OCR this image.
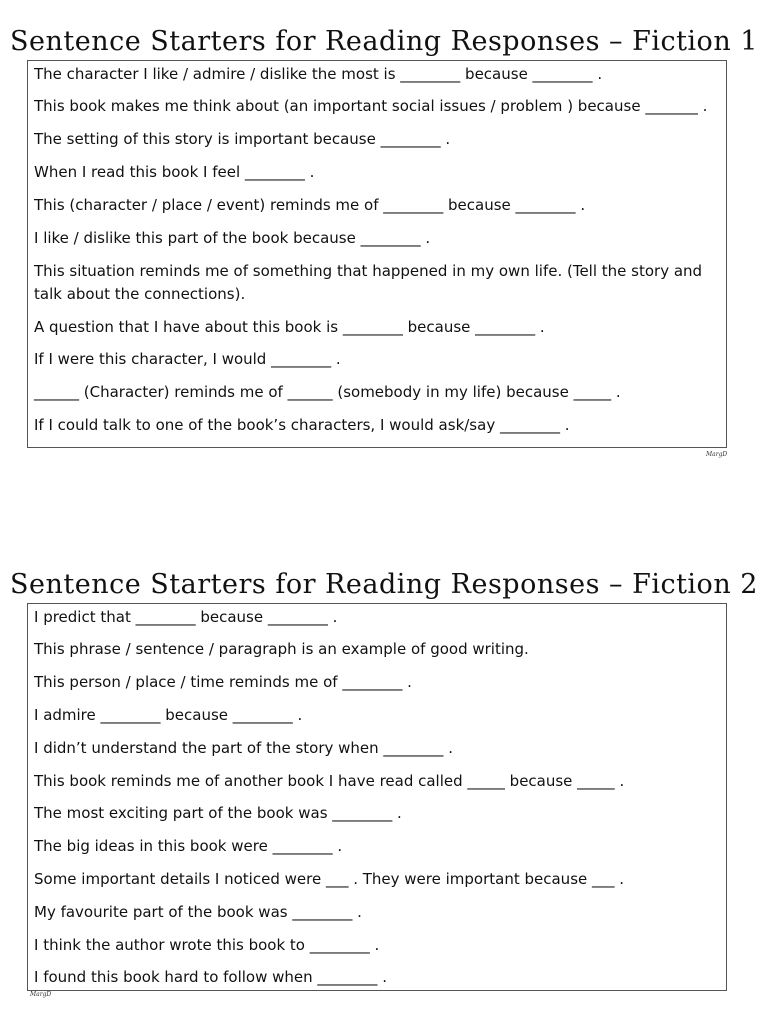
Sentence Starters for Reading Responses – Fiction 1
The character I like / admire / dislike the most is ________ because ________ .
This book makes me think about (an important social issues / problem ) because _______ .
The setting of this story is important because ________ .
When I read this book I feel ________ .
This (character / place / event) reminds me of ________ because ________ .
I like / dislike this part of the book because ________ .
This situation reminds me of something that happened in my own life. (Tell the story and talk about the connections).
A question that I have about this book is ________ because ________ .
If I were this character, I would ________ .
______ (Character) reminds me of ______ (somebody in my life) because _____ .
If I could talk to one of the book’s characters, I would ask/say ________ .
MargD
Sentence Starters for Reading Responses – Fiction 2
I predict that ________ because ________ .
This phrase / sentence / paragraph is an example of good writing.
This person / place / time reminds me of ________ .
I admire ________ because ________ .
I didn’t understand the part of the story when ________ .
This book reminds me of another book I have read called _____ because _____ .
The most exciting part of the book was ________ .
The big ideas in this book were ________ .
Some important details I noticed were ___ . They were important because ___ .
My favourite part of the book was ________ .
I think the author wrote this book to ________ .
I found this book hard to follow when ________ .
MargD
